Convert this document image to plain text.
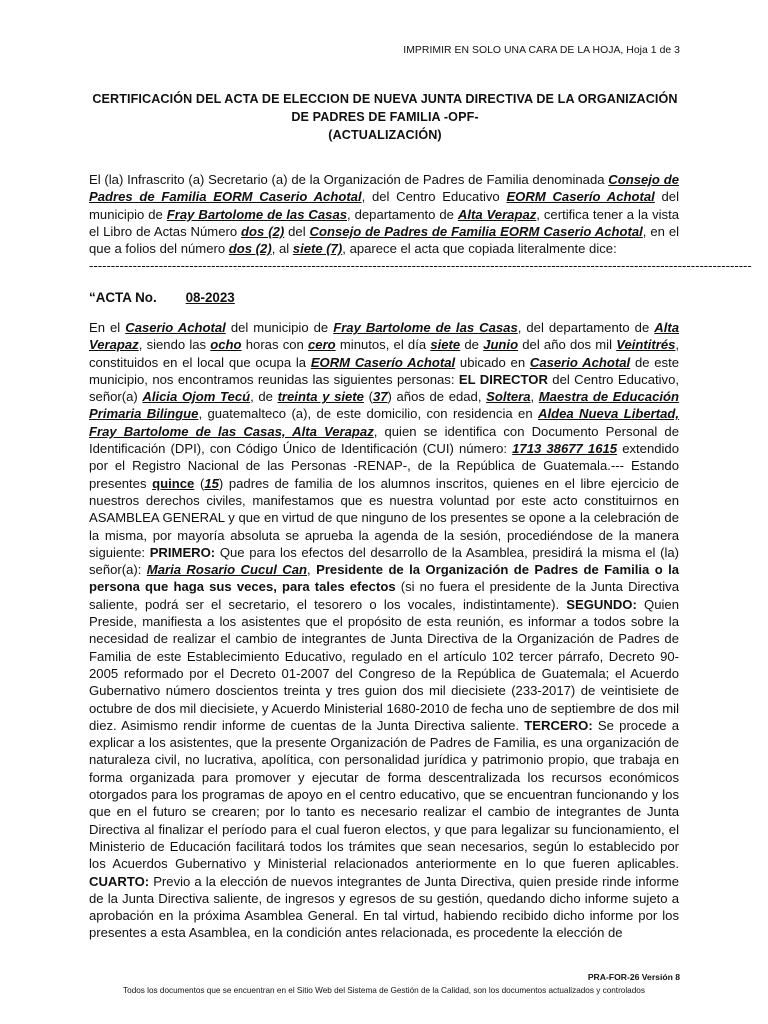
IMPRIMIR EN SOLO UNA CARA DE LA HOJA, Hoja 1 de 3
CERTIFICACIÓN DEL ACTA DE ELECCION DE NUEVA JUNTA DIRECTIVA DE LA ORGANIZACIÓN
DE PADRES DE FAMILIA -OPF-
(ACTUALIZACIÓN)
El (la) Infrascrito (a) Secretario (a) de la Organización de Padres de Familia denominada Consejo de Padres de Familia EORM Caserio Achotal, del Centro Educativo EORM Caserío Achotal del municipio de Fray Bartolome de las Casas, departamento de Alta Verapaz, certifica tener a la vista el Libro de Actas Número dos (2) del Consejo de Padres de Familia EORM Caserio Achotal, en el que a folios del número dos (2), al siete (7), aparece el acta que copiada literalmente dice:
--------------------------------------------------------------------------------------------------------------------------------------------------------
“ACTA No. 08-2023
En el Caserio Achotal del municipio de Fray Bartolome de las Casas, del departamento de Alta Verapaz, siendo las ocho horas con cero minutos, el día siete de Junio del año dos mil Veintitrés, constituidos en el local que ocupa la EORM Caserío Achotal ubicado en Caserio Achotal de este municipio, nos encontramos reunidas las siguientes personas: EL DIRECTOR del Centro Educativo, señor(a) Alicia Ojom Tecú, de treinta y siete (37) años de edad, Soltera, Maestra de Educación Primaria Bilingue, guatemalteco (a), de este domicilio, con residencia en Aldea Nueva Libertad, Fray Bartolome de las Casas, Alta Verapaz, quien se identifica con Documento Personal de Identificación (DPI), con Código Único de Identificación (CUI) número: 1713 38677 1615 extendido por el Registro Nacional de las Personas -RENAP-, de la República de Guatemala.--- Estando presentes quince (15) padres de familia de los alumnos inscritos, quienes en el libre ejercicio de nuestros derechos civiles, manifestamos que es nuestra voluntad por este acto constituirnos en ASAMBLEA GENERAL y que en virtud de que ninguno de los presentes se opone a la celebración de la misma, por mayoría absoluta se aprueba la agenda de la sesión, procediéndose de la manera siguiente: PRIMERO: Que para los efectos del desarrollo de la Asamblea, presidirá la misma el (la) señor(a): Maria Rosario Cucul Can, Presidente de la Organización de Padres de Familia o la persona que haga sus veces, para tales efectos (si no fuera el presidente de la Junta Directiva saliente, podrá ser el secretario, el tesorero o los vocales, indistintamente). SEGUNDO: Quien Preside, manifiesta a los asistentes que el propósito de esta reunión, es informar a todos sobre la necesidad de realizar el cambio de integrantes de Junta Directiva de la Organización de Padres de Familia de este Establecimiento Educativo, regulado en el artículo 102 tercer párrafo, Decreto 90-2005 reformado por el Decreto 01-2007 del Congreso de la República de Guatemala; el Acuerdo Gubernativo número doscientos treinta y tres guion dos mil diecisiete (233-2017) de veintisiete de octubre de dos mil diecisiete, y Acuerdo Ministerial 1680-2010 de fecha uno de septiembre de dos mil diez. Asimismo rendir informe de cuentas de la Junta Directiva saliente. TERCERO: Se procede a explicar a los asistentes, que la presente Organización de Padres de Familia, es una organización de naturaleza civil, no lucrativa, apolítica, con personalidad jurídica y patrimonio propio, que trabaja en forma organizada para promover y ejecutar de forma descentralizada los recursos económicos otorgados para los programas de apoyo en el centro educativo, que se encuentran funcionando y los que en el futuro se crearen; por lo tanto es necesario realizar el cambio de integrantes de Junta Directiva al finalizar el período para el cual fueron electos, y que para legalizar su funcionamiento, el Ministerio de Educación facilitará todos los trámites que sean necesarios, según lo establecido por los Acuerdos Gubernativo y Ministerial relacionados anteriormente en lo que fueren aplicables. CUARTO: Previo a la elección de nuevos integrantes de Junta Directiva, quien preside rinde informe de la Junta Directiva saliente, de ingresos y egresos de su gestión, quedando dicho informe sujeto a aprobación en la próxima Asamblea General. En tal virtud, habiendo recibido dicho informe por los presentes a esta Asamblea, en la condición antes relacionada, es procedente la elección de
PRA-FOR-26 Versión 8
Todos los documentos que se encuentran en el Sitio Web del Sistema de Gestión de la Calidad, son los documentos actualizados y controlados
